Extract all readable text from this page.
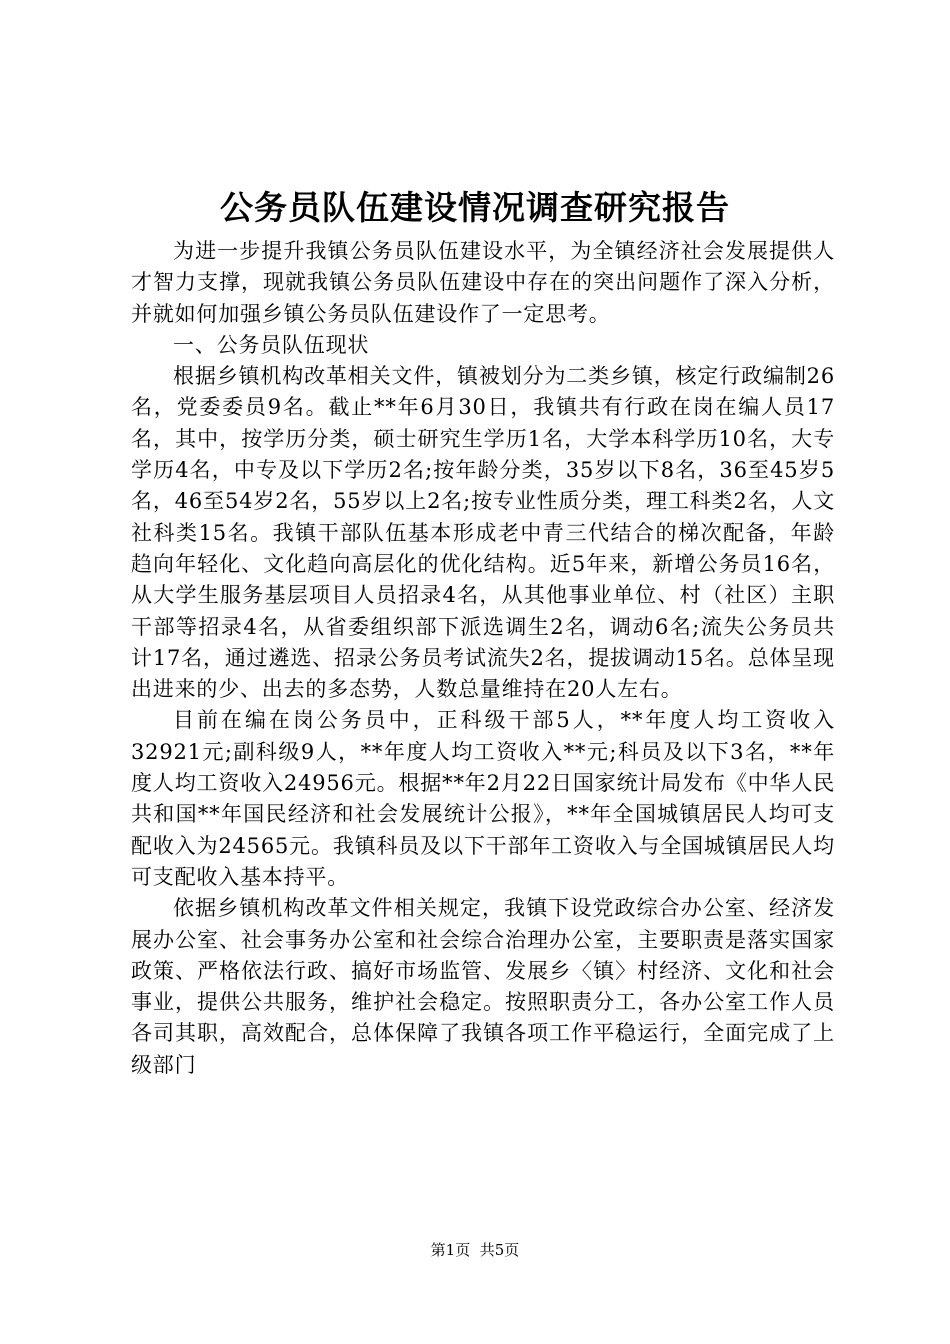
公务员队伍建设情况调查研究报告

为进一步提升我镇公务员队伍建设水平，为全镇经济社会发展提供人才智力支撑，现就我镇公务员队伍建设中存在的突出问题作了深入分析，并就如何加强乡镇公务员队伍建设作了一定思考。

一、公务员队伍现状

根据乡镇机构改革相关文件，镇被划分为二类乡镇，核定行政编制26名，党委委员9名。截止**年6月30日，我镇共有行政在岗在编人员17名，其中，按学历分类，硕士研究生学历1名，大学本科学历10名，大专学历4名，中专及以下学历2名;按年龄分类，35岁以下8名，36至45岁5名，46至54岁2名，55岁以上2名;按专业性质分类，理工科类2名，人文社科类15名。我镇干部队伍基本形成老中青三代结合的梯次配备，年龄趋向年轻化、文化趋向高层化的优化结构。近5年来，新增公务员16名，从大学生服务基层项目人员招录4名，从其他事业单位、村（社区）主职干部等招录4名，从省委组织部下派选调生2名，调动6名;流失公务员共计17名，通过遴选、招录公务员考试流失2名，提拔调动15名。总体呈现出进来的少、出去的多态势，人数总量维持在20人左右。

目前在编在岗公务员中，正科级干部5人，**年度人均工资收入32921元;副科级9人，**年度人均工资收入**元;科员及以下3名，**年度人均工资收入24956元。根据**年2月22日国家统计局发布《中华人民共和国**年国民经济和社会发展统计公报》，**年全国城镇居民人均可支配收入为24565元。我镇科员及以下干部年工资收入与全国城镇居民人均可支配收入基本持平。

依据乡镇机构改革文件相关规定，我镇下设党政综合办公室、经济发展办公室、社会事务办公室和社会综合治理办公室，主要职责是落实国家政策、严格依法行政、搞好市场监管、发展乡〈镇〉村经济、文化和社会事业，提供公共服务，维护社会稳定。按照职责分工，各办公室工作人员各司其职，高效配合，总体保障了我镇各项工作平稳运行，全面完成了上级部门

第1页 共5页
